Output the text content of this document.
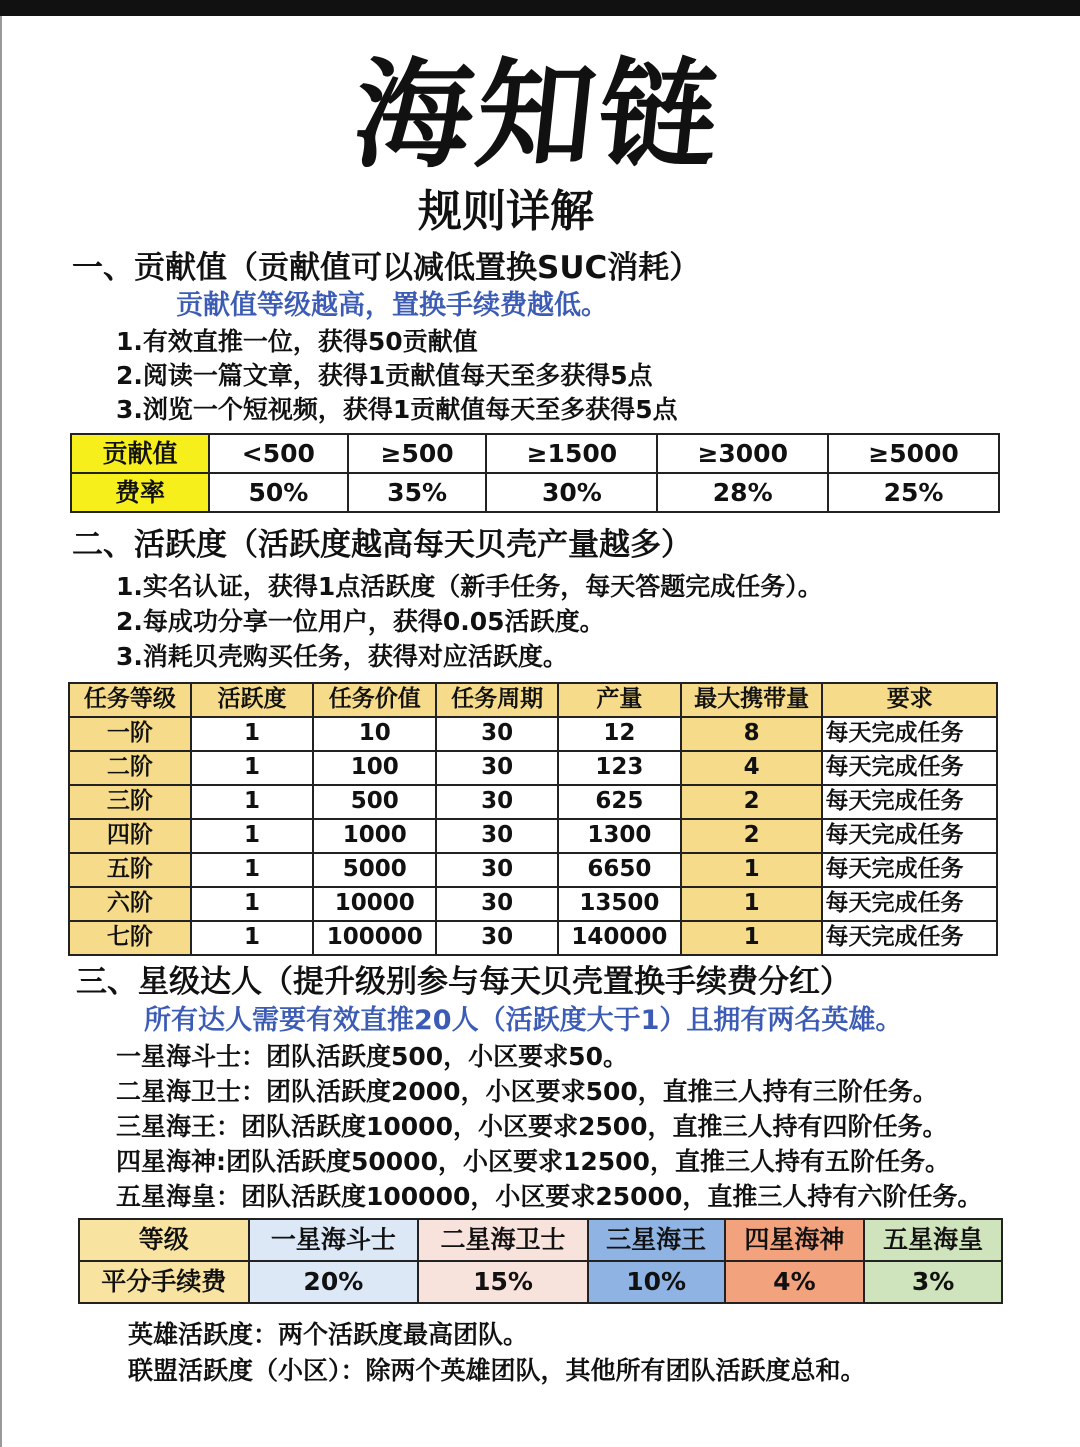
海知链
规则详解
一、贡献值（贡献值可以减低置换SUC消耗）
贡献值等级越高，置换手续费越低。
1.有效直推一位，获得50贡献值
2.阅读一篇文章，获得1贡献值每天至多获得5点
3.浏览一个短视频，获得1贡献值每天至多获得5点
贡献值	<500	≥500	≥1500	≥3000	≥5000
费率	50%	35%	30%	28%	25%
二、活跃度（活跃度越高每天贝壳产量越多）
1.实名认证，获得1点活跃度（新手任务，每天答题完成任务）。
2.每成功分享一位用户，获得0.05活跃度。
3.消耗贝壳购买任务，获得对应活跃度。
任务等级	活跃度	任务价值	任务周期	产量	最大携带量	要求
一阶	1	10	30	12	8	每天完成任务
二阶	1	100	30	123	4	每天完成任务
三阶	1	500	30	625	2	每天完成任务
四阶	1	1000	30	1300	2	每天完成任务
五阶	1	5000	30	6650	1	每天完成任务
六阶	1	10000	30	13500	1	每天完成任务
七阶	1	100000	30	140000	1	每天完成任务
三、星级达人（提升级别参与每天贝壳置换手续费分红）
所有达人需要有效直推20人（活跃度大于1）且拥有两名英雄。
一星海斗士：团队活跃度500，小区要求50。
二星海卫士：团队活跃度2000，小区要求500，直推三人持有三阶任务。
三星海王：团队活跃度10000，小区要求2500，直推三人持有四阶任务。
四星海神:团队活跃度50000，小区要求12500，直推三人持有五阶任务。
五星海皇：团队活跃度100000，小区要求25000，直推三人持有六阶任务。
等级	一星海斗士	二星海卫士	三星海王	四星海神	五星海皇
平分手续费	20%	15%	10%	4%	3%
英雄活跃度：两个活跃度最高团队。
联盟活跃度（小区）：除两个英雄团队，其他所有团队活跃度总和。
